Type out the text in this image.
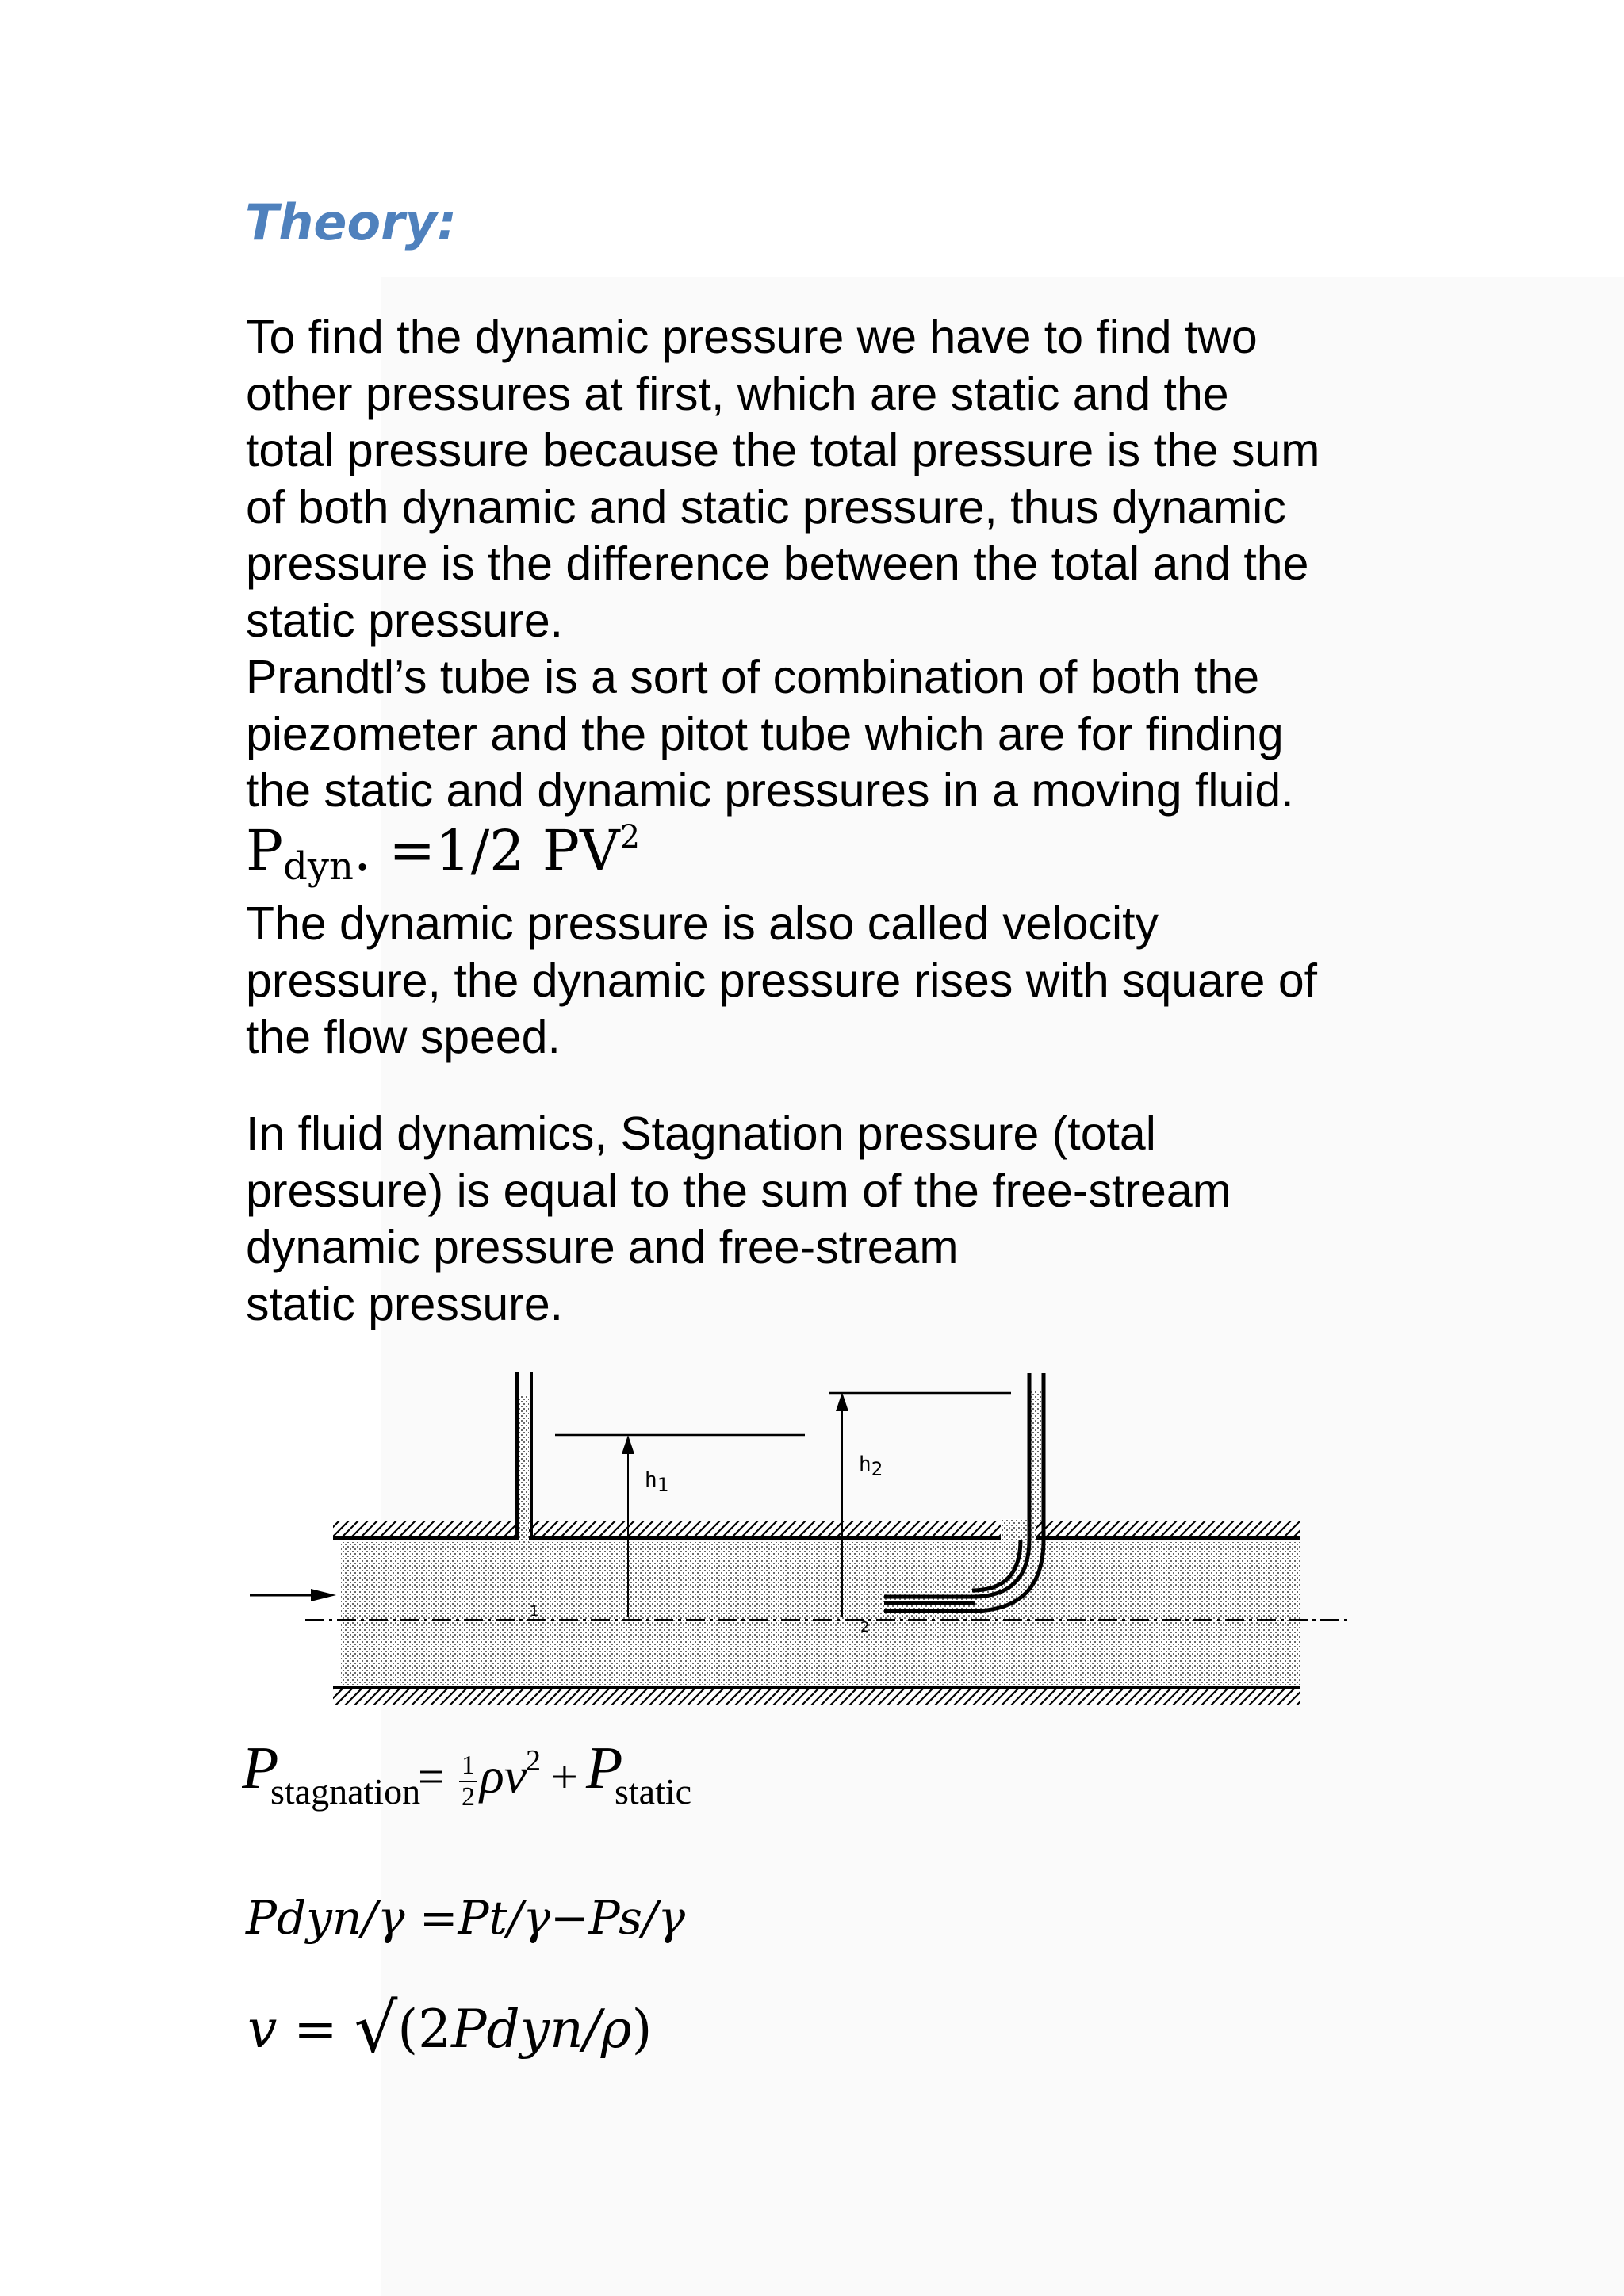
Theory:

To find the dynamic pressure we have to find two
other pressures at first, which are static and the
total pressure because the total pressure is the sum
of both dynamic and static pressure, thus dynamic
pressure is the difference between the total and the
static pressure.
Prandtl’s tube is a sort of combination of both the
piezometer and the pitot tube which are for finding
the static and dynamic pressures in a moving fluid.

Pdyn. =1/2 $PV^2$

The dynamic pressure is also called velocity
pressure, the dynamic pressure rises with square of
the flow speed.

In fluid dynamics, Stagnation pressure (total
pressure) is equal to the sum of the free-stream
dynamic pressure and free-stream
static pressure.

h1
h2
1
2
P
stagnation
= 1
2 ρv
2 + P
static
Pdyn/γ =Pt/γ−Ps/γ
v = √(2Pdyn/ρ)
